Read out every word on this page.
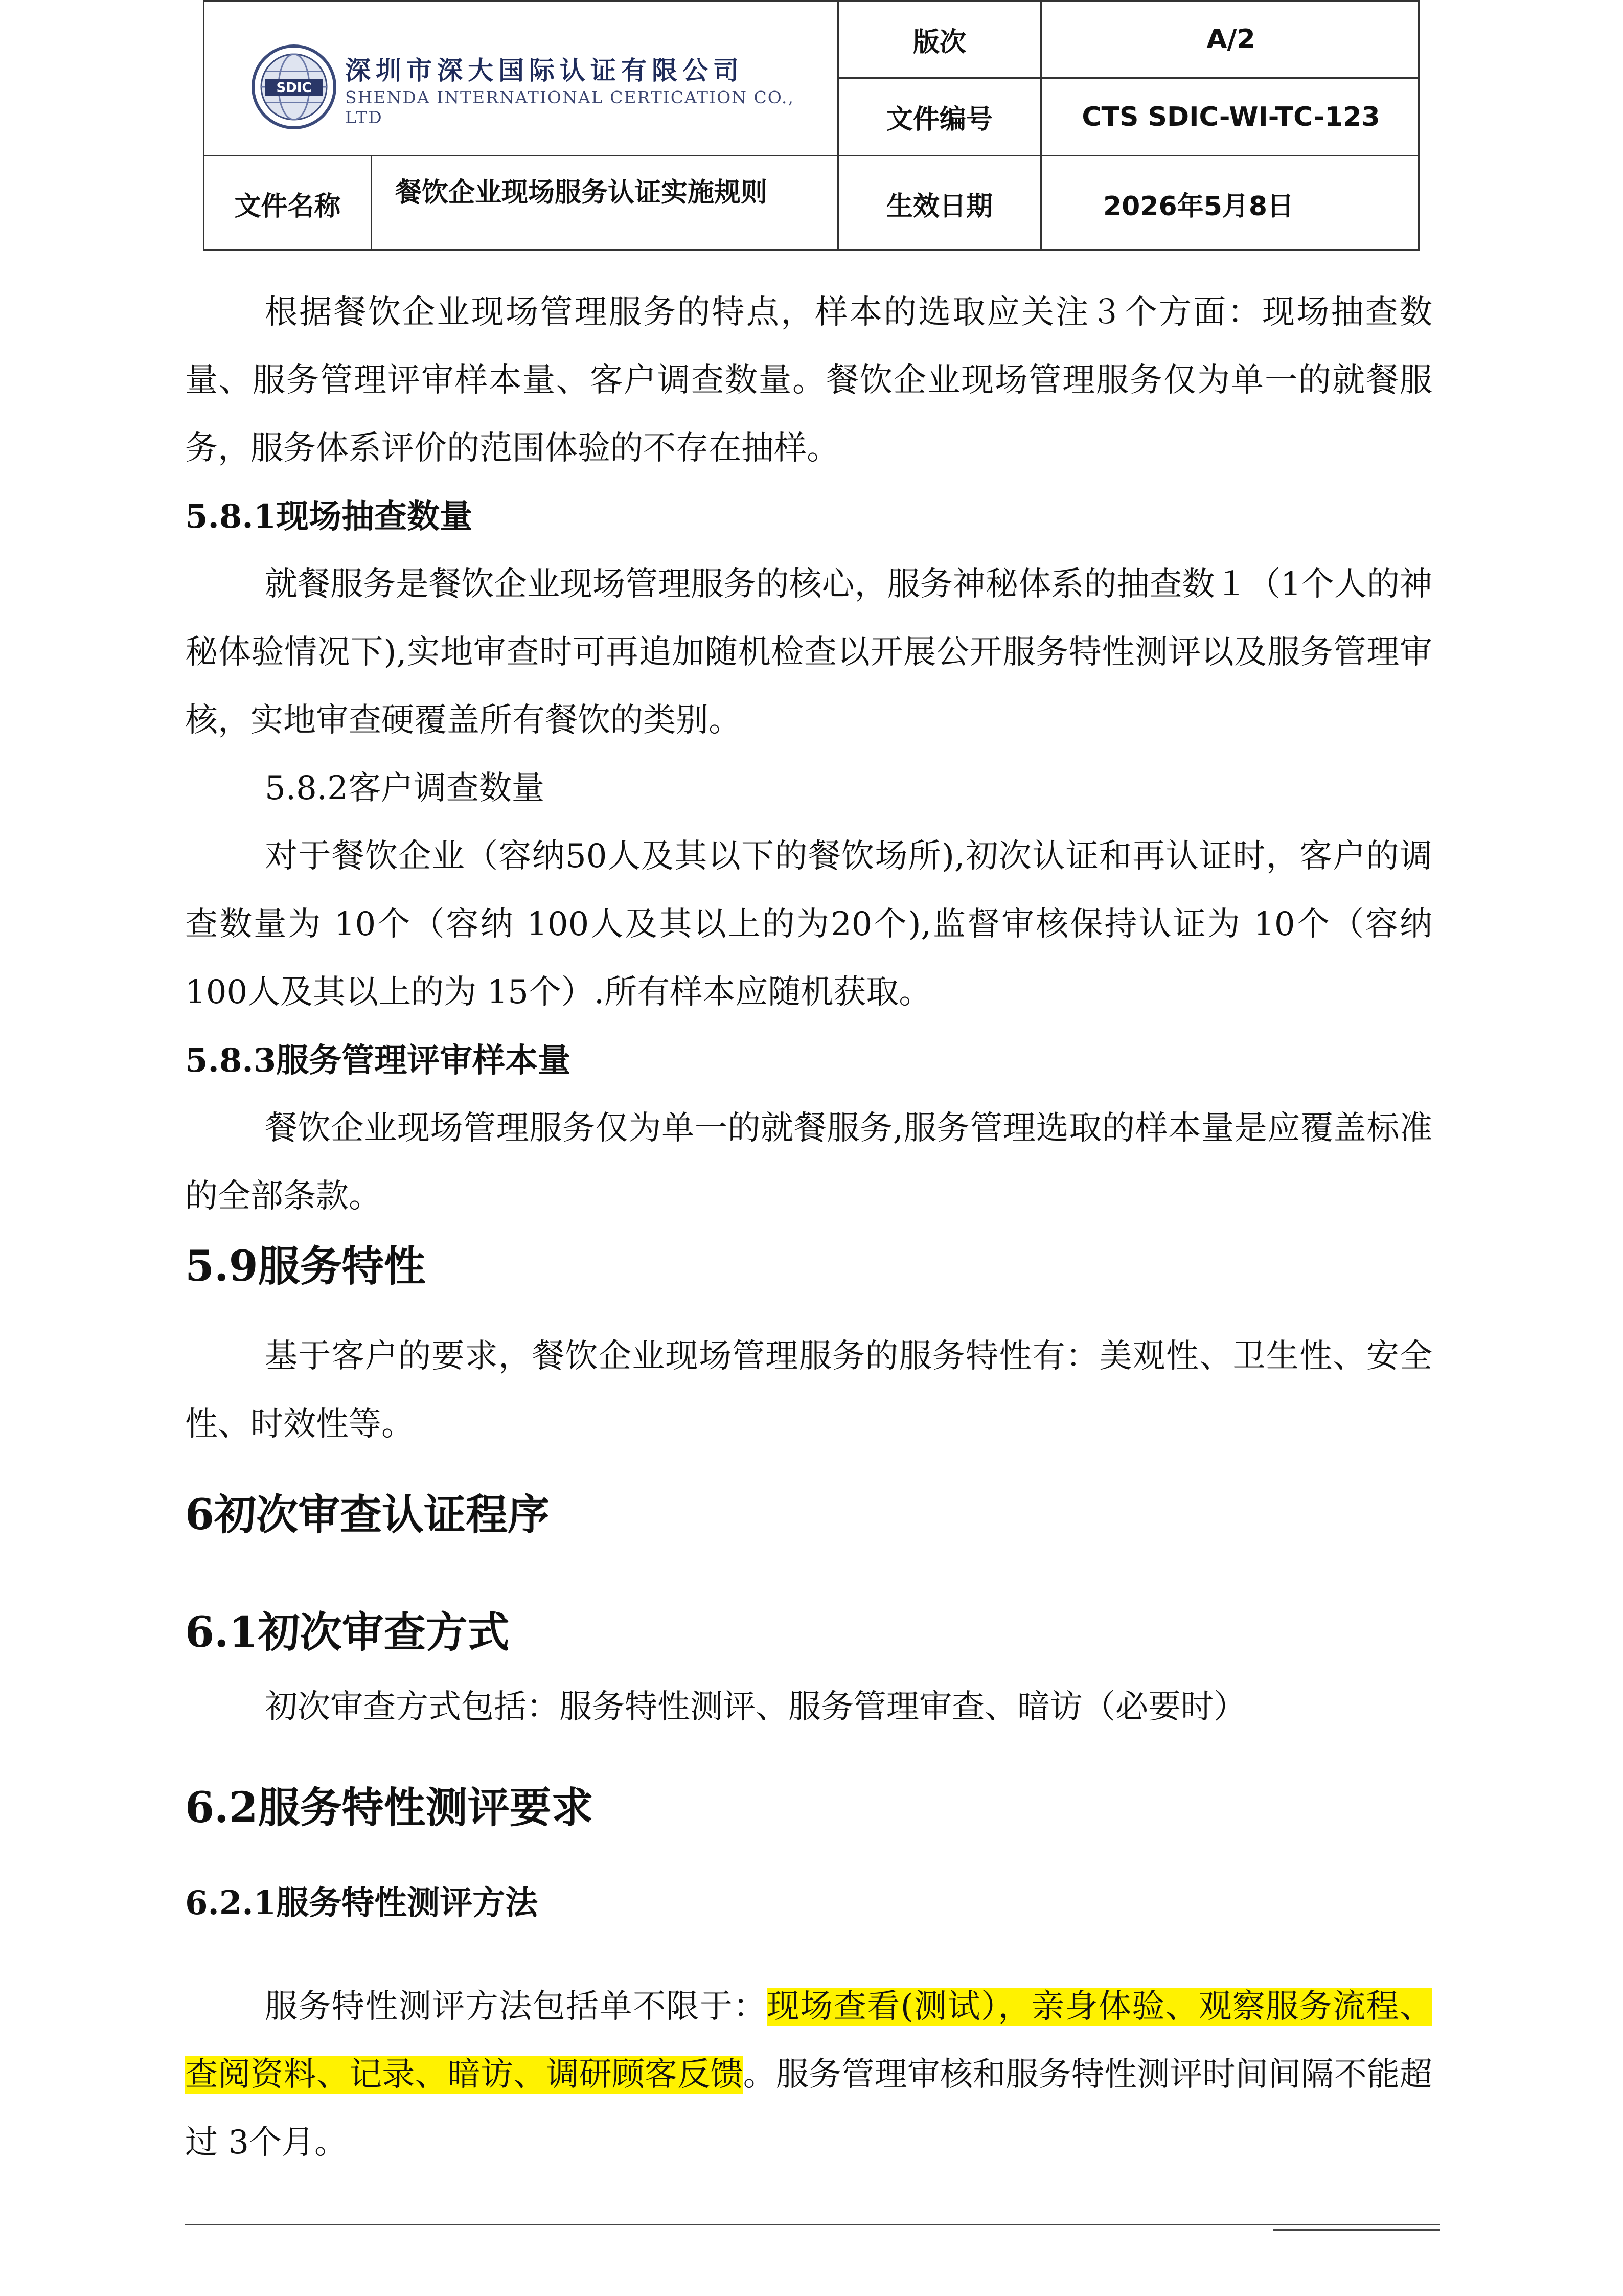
SDIC
深圳市深大国际认证有限公司
SHENDA INTERNATIONAL CERTICATION CO., LTD
版次	A/2
文件编号	CTS SDIC-WI-TC-123
文件名称	餐饮企业现场服务认证实施规则	生效日期	2026年5月8日

根据餐饮企业现场管理服务的特点，样本的选取应关注３个方面：现场抽查数量、服务管理评审样本量、客户调查数量。餐饮企业现场管理服务仅为单一的就餐服务，服务体系评价的范围体验的不存在抽样。

5.8.1现场抽查数量

就餐服务是餐饮企业现场管理服务的核心，服务神秘体系的抽查数１（1个人的神秘体验情况下),实地审查时可再追加随机检查以开展公开服务特性测评以及服务管理审核，实地审查硬覆盖所有餐饮的类别。

5.8.2客户调查数量

对于餐饮企业（容纳50人及其以下的餐饮场所),初次认证和再认证时，客户的调查数量为 10个（容纳 100人及其以上的为20个),监督审核保持认证为 10个（容纳 100人及其以上的为 15个）.所有样本应随机获取。

5.8.3服务管理评审样本量

餐饮企业现场管理服务仅为单一的就餐服务,服务管理选取的样本量是应覆盖标准的全部条款。

5.9服务特性

基于客户的要求，餐饮企业现场管理服务的服务特性有：美观性、卫生性、安全性、时效性等。

6初次审查认证程序

6.1初次审查方式

初次审查方式包括：服务特性测评、服务管理审查、暗访（必要时）

6.2服务特性测评要求

6.2.1服务特性测评方法

服务特性测评方法包括单不限于：现场查看(测试），亲身体验、观察服务流程、查阅资料、记录、暗访、调研顾客反馈。服务管理审核和服务特性测评时间间隔不能超过 3个月。
